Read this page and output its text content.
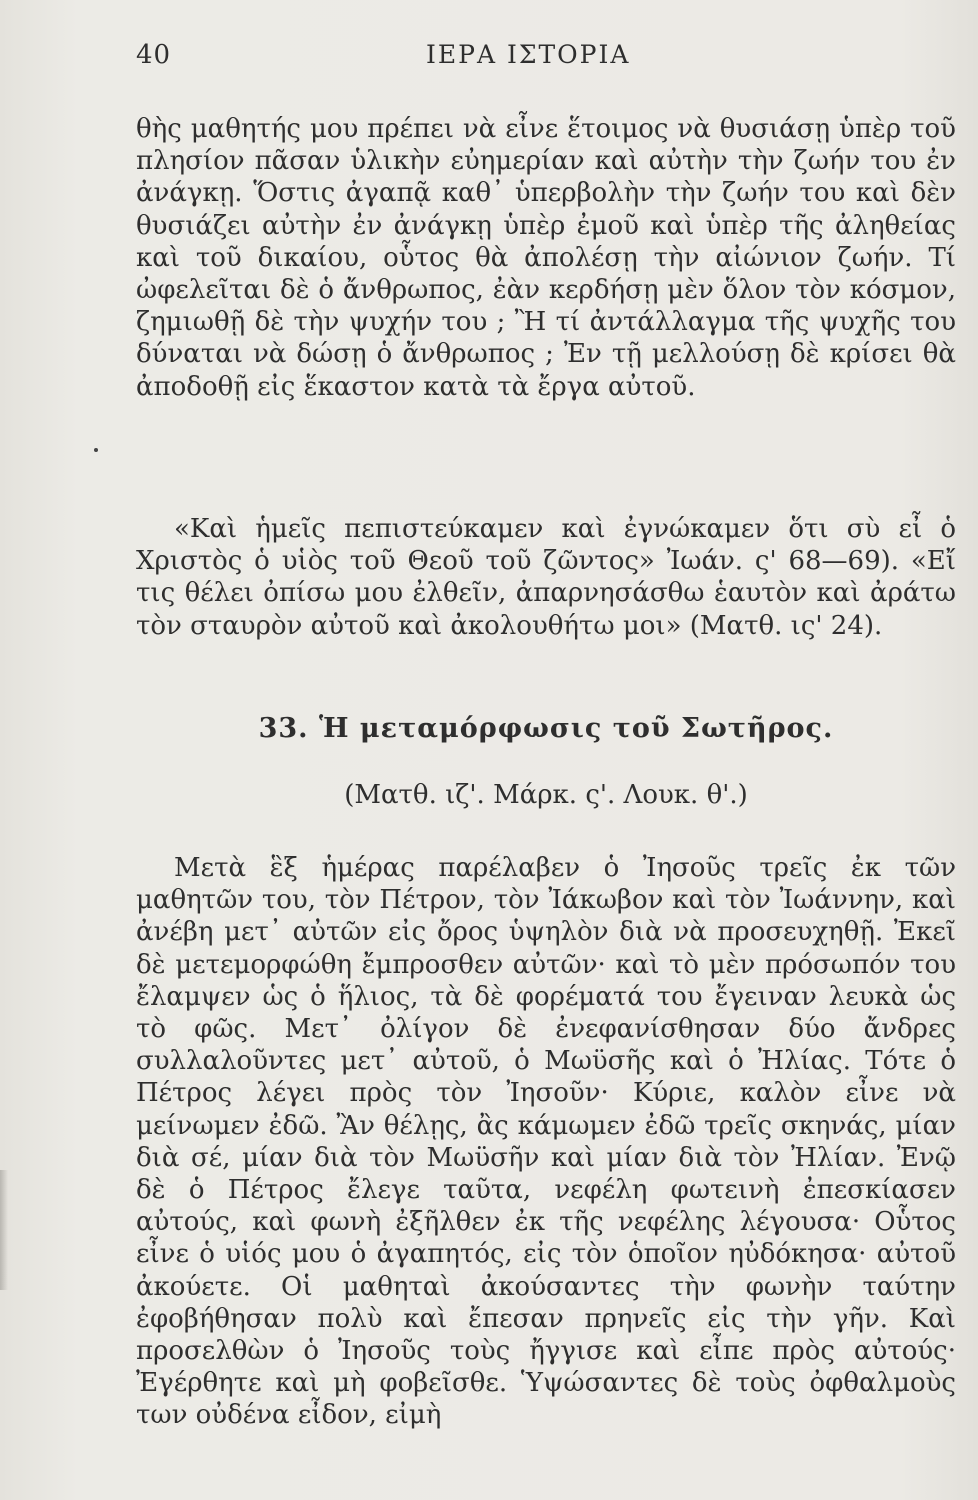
40	ΙΕΡΑ ΙΣΤΟΡΙΑ
θὴς μαθητής μου πρέπει νὰ εἶνε ἕτοιμος νὰ θυσιάσῃ ὑπὲρ τοῦ πλησίον πᾶσαν ὑλικὴν εὐημερίαν καὶ αὐτὴν τὴν ζωήν του ἐν ἀνάγκῃ. Ὅστις ἀγαπᾷ καθ᾽ ὑπερβολὴν τὴν ζωήν του καὶ δὲν θυσιάζει αὐτὴν ἐν ἀνάγκῃ ὑπὲρ ἐμοῦ καὶ ὑπὲρ τῆς ἀληθείας καὶ τοῦ δικαίου, οὗτος θὰ ἀπολέσῃ τὴν αἰώνιον ζωήν. Τί ὠφελεῖται δὲ ὁ ἄνθρωπος, ἐὰν κερδήσῃ μὲν ὅλον τὸν κόσμον, ζημιωθῇ δὲ τὴν ψυχήν του ; Ἢ τί ἀντάλλαγμα τῆς ψυχῆς του δύναται νὰ δώσῃ ὁ ἄνθρωπος ; Ἐν τῇ μελλούσῃ δὲ κρίσει θὰ ἀποδοθῇ εἰς ἕκαστον κατὰ τὰ ἔργα αὐτοῦ.
«Καὶ ἡμεῖς πεπιστεύκαμεν καὶ ἐγνώκαμεν ὅτι σὺ εἶ ὁ Χριστὸς ὁ υἱὸς τοῦ Θεοῦ τοῦ ζῶντος» Ἰωάν. ς' 68—69). «Εἴ τις θέλει ὀπίσω μου ἐλθεῖν, ἀπαρνησάσθω ἑαυτὸν καὶ ἀράτω τὸν σταυρὸν αὐτοῦ καὶ ἀκολουθήτω μοι» (Ματθ. ις' 24).
33. Ἡ μεταμόρφωσις τοῦ Σωτῆρος.
(Ματθ. ιζ'. Μάρκ. ς'. Λουκ. θ'.)
Μετὰ ἓξ ἡμέρας παρέλαβεν ὁ Ἰησοῦς τρεῖς ἐκ τῶν μαθητῶν του, τὸν Πέτρον, τὸν Ἰάκωβον καὶ τὸν Ἰωάννην, καὶ ἀνέβη μετ᾽ αὐτῶν εἰς ὄρος ὑψηλὸν διὰ νὰ προσευχηθῇ. Ἐκεῖ δὲ μετεμορφώθη ἔμπροσθεν αὐτῶν· καὶ τὸ μὲν πρόσωπόν του ἔλαμψεν ὡς ὁ ἥλιος, τὰ δὲ φορέματά του ἔγειναν λευκὰ ὡς τὸ φῶς. Μετ᾽ ὀλίγον δὲ ἐνεφανίσθησαν δύο ἄνδρες συλλαλοῦντες μετ᾽ αὐτοῦ, ὁ Μωϋσῆς καὶ ὁ Ἠλίας. Τότε ὁ Πέτρος λέγει πρὸς τὸν Ἰησοῦν· Κύριε, καλὸν εἶνε νὰ μείνωμεν ἐδῶ. Ἂν θέλῃς, ἂς κάμωμεν ἐδῶ τρεῖς σκηνάς, μίαν διὰ σέ, μίαν διὰ τὸν Μωϋσῆν καὶ μίαν διὰ τὸν Ἠλίαν. Ἐνῷ δὲ ὁ Πέτρος ἔλεγε ταῦτα, νεφέλη φωτεινὴ ἐπεσκίασεν αὐτούς, καὶ φωνὴ ἐξῆλθεν ἐκ τῆς νεφέλης λέγουσα· Οὗτος εἶνε ὁ υἱός μου ὁ ἀγαπητός, εἰς τὸν ὁποῖον ηὐδόκησα· αὐτοῦ ἀκούετε. Οἱ μαθηταὶ ἀκούσαντες τὴν φωνὴν ταύτην ἐφοβήθησαν πολὺ καὶ ἔπεσαν πρηνεῖς εἰς τὴν γῆν. Καὶ προσελθὼν ὁ Ἰησοῦς τοὺς ἤγγισε καὶ εἶπε πρὸς αὐτούς· Ἐγέρθητε καὶ μὴ φοβεῖσθε. Ὑψώσαντες δὲ τοὺς ὀφθαλμοὺς των οὐδένα εἶδον, εἰμὴ
